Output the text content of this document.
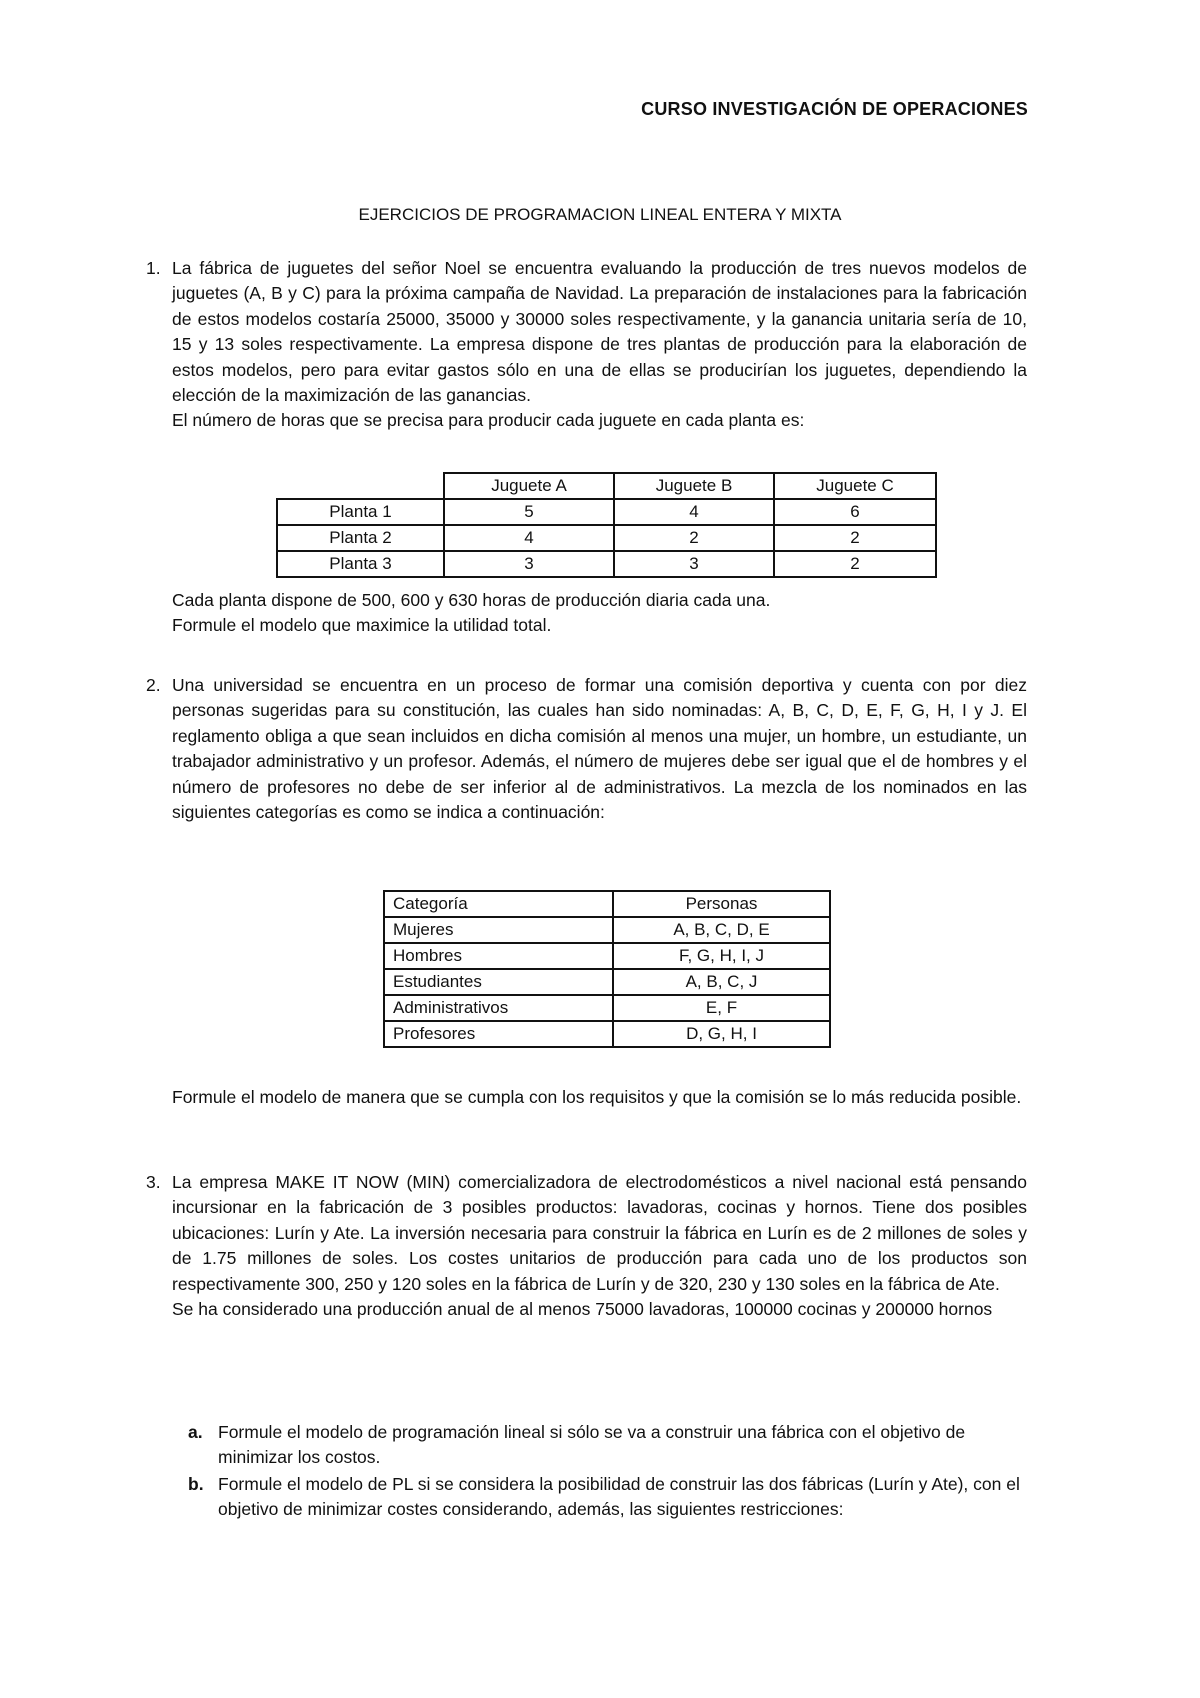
CURSO INVESTIGACIÓN DE OPERACIONES
EJERCICIOS DE PROGRAMACION LINEAL ENTERA Y MIXTA
1. La fábrica de juguetes del señor Noel se encuentra evaluando la producción de tres nuevos modelos de juguetes (A, B y C) para la próxima campaña de Navidad. La preparación de instalaciones para la fabricación de estos modelos costaría 25000, 35000 y 30000 soles respectivamente, y la ganancia unitaria sería de 10, 15 y 13 soles respectivamente. La empresa dispone de tres plantas de producción para la elaboración de estos modelos, pero para evitar gastos sólo en una de ellas se producirían los juguetes, dependiendo la elección de la maximización de las ganancias.

El número de horas que se precisa para producir cada juguete en cada planta es:

	Juguete A	Juguete B	Juguete C
Planta 1	5	4	6
Planta 2	4	2	2
Planta 3	3	3	2

Cada planta dispone de 500, 600 y 630 horas de producción diaria cada una.

Formule el modelo que maximice la utilidad total.

2. Una universidad se encuentra en un proceso de formar una comisión deportiva y cuenta con por diez personas sugeridas para su constitución, las cuales han sido nominadas: A, B, C, D, E, F, G, H, I y J. El reglamento obliga a que sean incluidos en dicha comisión al menos una mujer, un hombre, un estudiante, un trabajador administrativo y un profesor. Además, el número de mujeres debe ser igual que el de hombres y el número de profesores no debe de ser inferior al de administrativos. La mezcla de los nominados en las siguientes categorías es como se indica a continuación:

Categoría	Personas
Mujeres	A, B, C, D, E
Hombres	F, G, H, I, J
Estudiantes	A, B, C, J
Administrativos	E, F
Profesores	D, G, H, I

Formule el modelo de manera que se cumpla con los requisitos y que la comisión se lo más reducida posible.

3. La empresa MAKE IT NOW (MIN) comercializadora de electrodomésticos a nivel nacional está pensando incursionar en la fabricación de 3 posibles productos: lavadoras, cocinas y hornos. Tiene dos posibles ubicaciones: Lurín y Ate. La inversión necesaria para construir la fábrica en Lurín es de 2 millones de soles y de 1.75 millones de soles. Los costes unitarios de producción para cada uno de los productos son respectivamente 300, 250 y 120 soles en la fábrica de Lurín y de 320, 230 y 130 soles en la fábrica de Ate.

Se ha considerado una producción anual de al menos 75000 lavadoras, 100000 cocinas y 200000 hornos

a. Formule el modelo de programación lineal si sólo se va a construir una fábrica con el objetivo de minimizar los costos.

b. Formule el modelo de PL si se considera la posibilidad de construir las dos fábricas (Lurín y Ate), con el objetivo de minimizar costes considerando, además, las siguientes restricciones:
